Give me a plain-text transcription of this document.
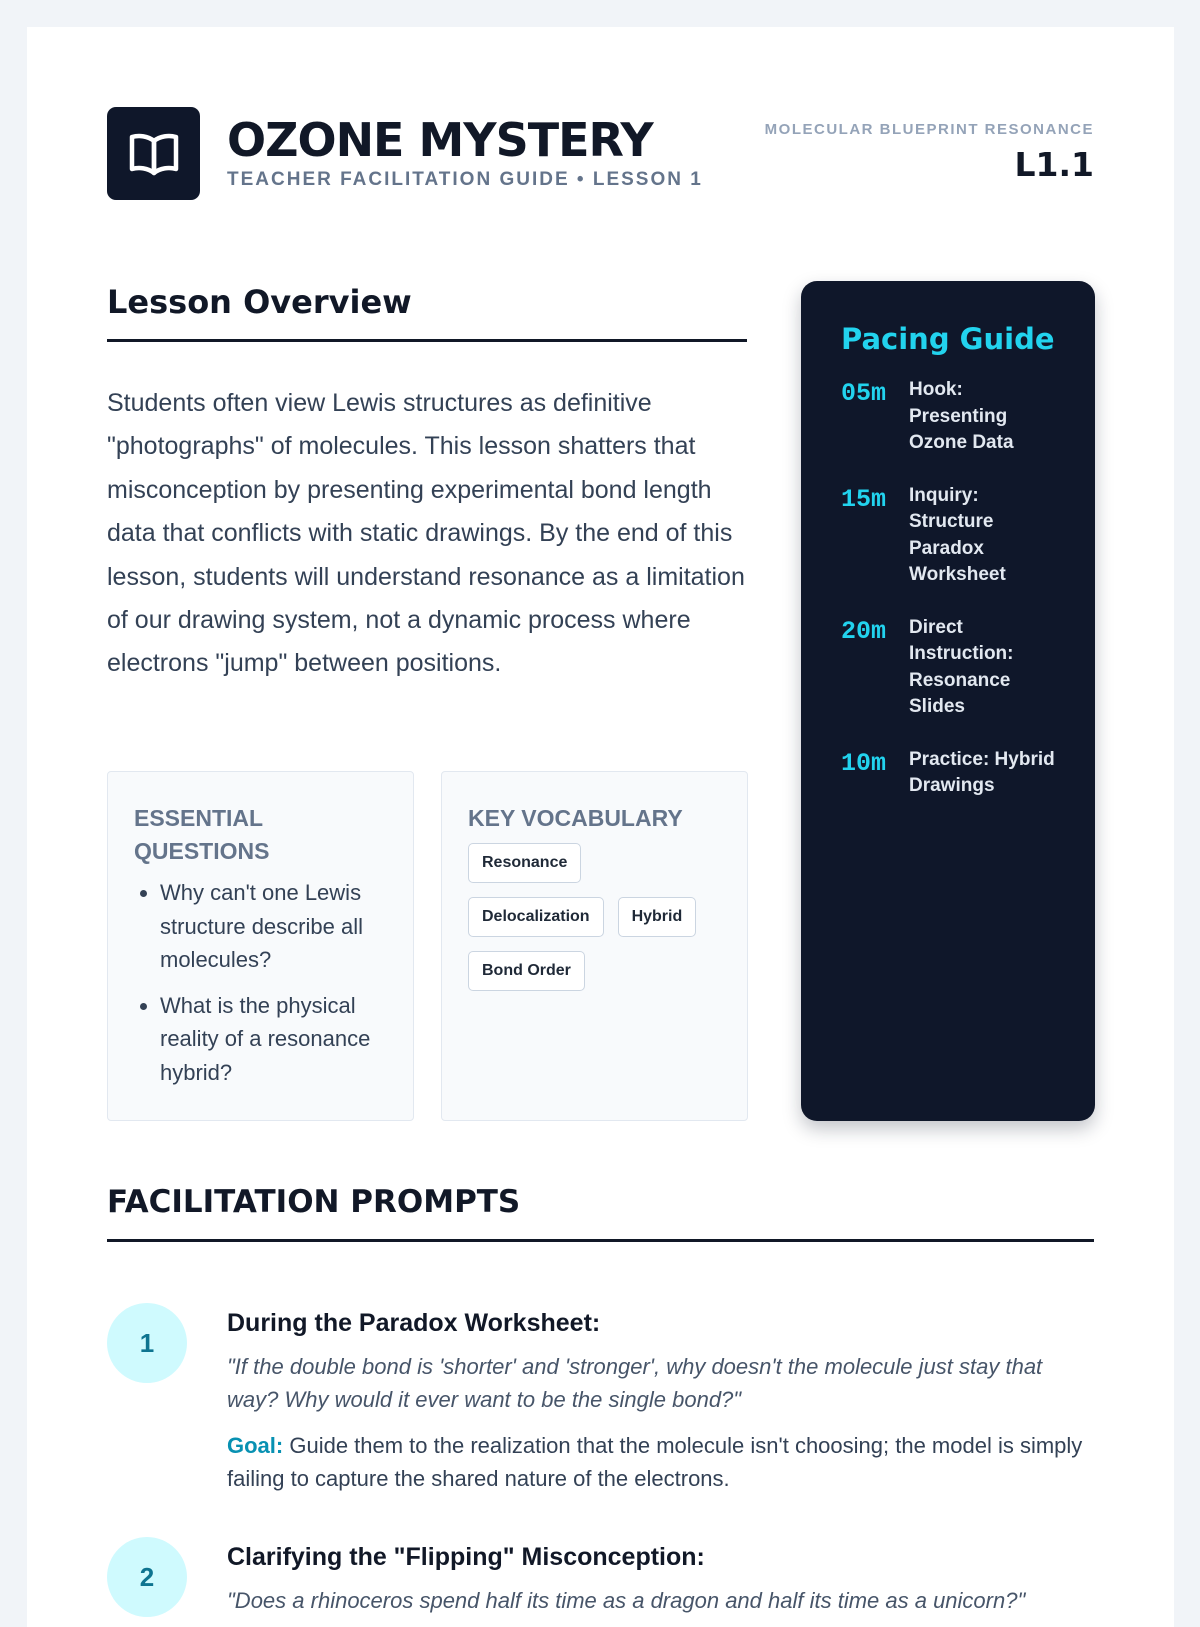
OZONE MYSTERY
TEACHER FACILITATION GUIDE • LESSON 1
MOLECULAR BLUEPRINT RESONANCE
L1.1
Lesson Overview
Students often view Lewis structures as definitive "photographs" of molecules. This lesson shatters that misconception by presenting experimental bond length data that conflicts with static drawings. By the end of this lesson, students will understand resonance as a limitation of our drawing system, not a dynamic process where electrons "jump" between positions.
ESSENTIAL QUESTIONS
• Why can't one Lewis structure describe all molecules?
• What is the physical reality of a resonance hybrid?
KEY VOCABULARY
Resonance
Delocalization	Hybrid
Bond Order
Pacing Guide
05m	Hook: Presenting Ozone Data
15m	Inquiry: Structure Paradox Worksheet
20m	Direct Instruction: Resonance Slides
10m	Practice: Hybrid Drawings
FACILITATION PROMPTS
1
During the Paradox Worksheet:
"If the double bond is 'shorter' and 'stronger', why doesn't the molecule just stay that way? Why would it ever want to be the single bond?"
Goal: Guide them to the realization that the molecule isn't choosing; the model is simply failing to capture the shared nature of the electrons.
2
Clarifying the "Flipping" Misconception:
"Does a rhinoceros spend half its time as a dragon and half its time as a unicorn?"
